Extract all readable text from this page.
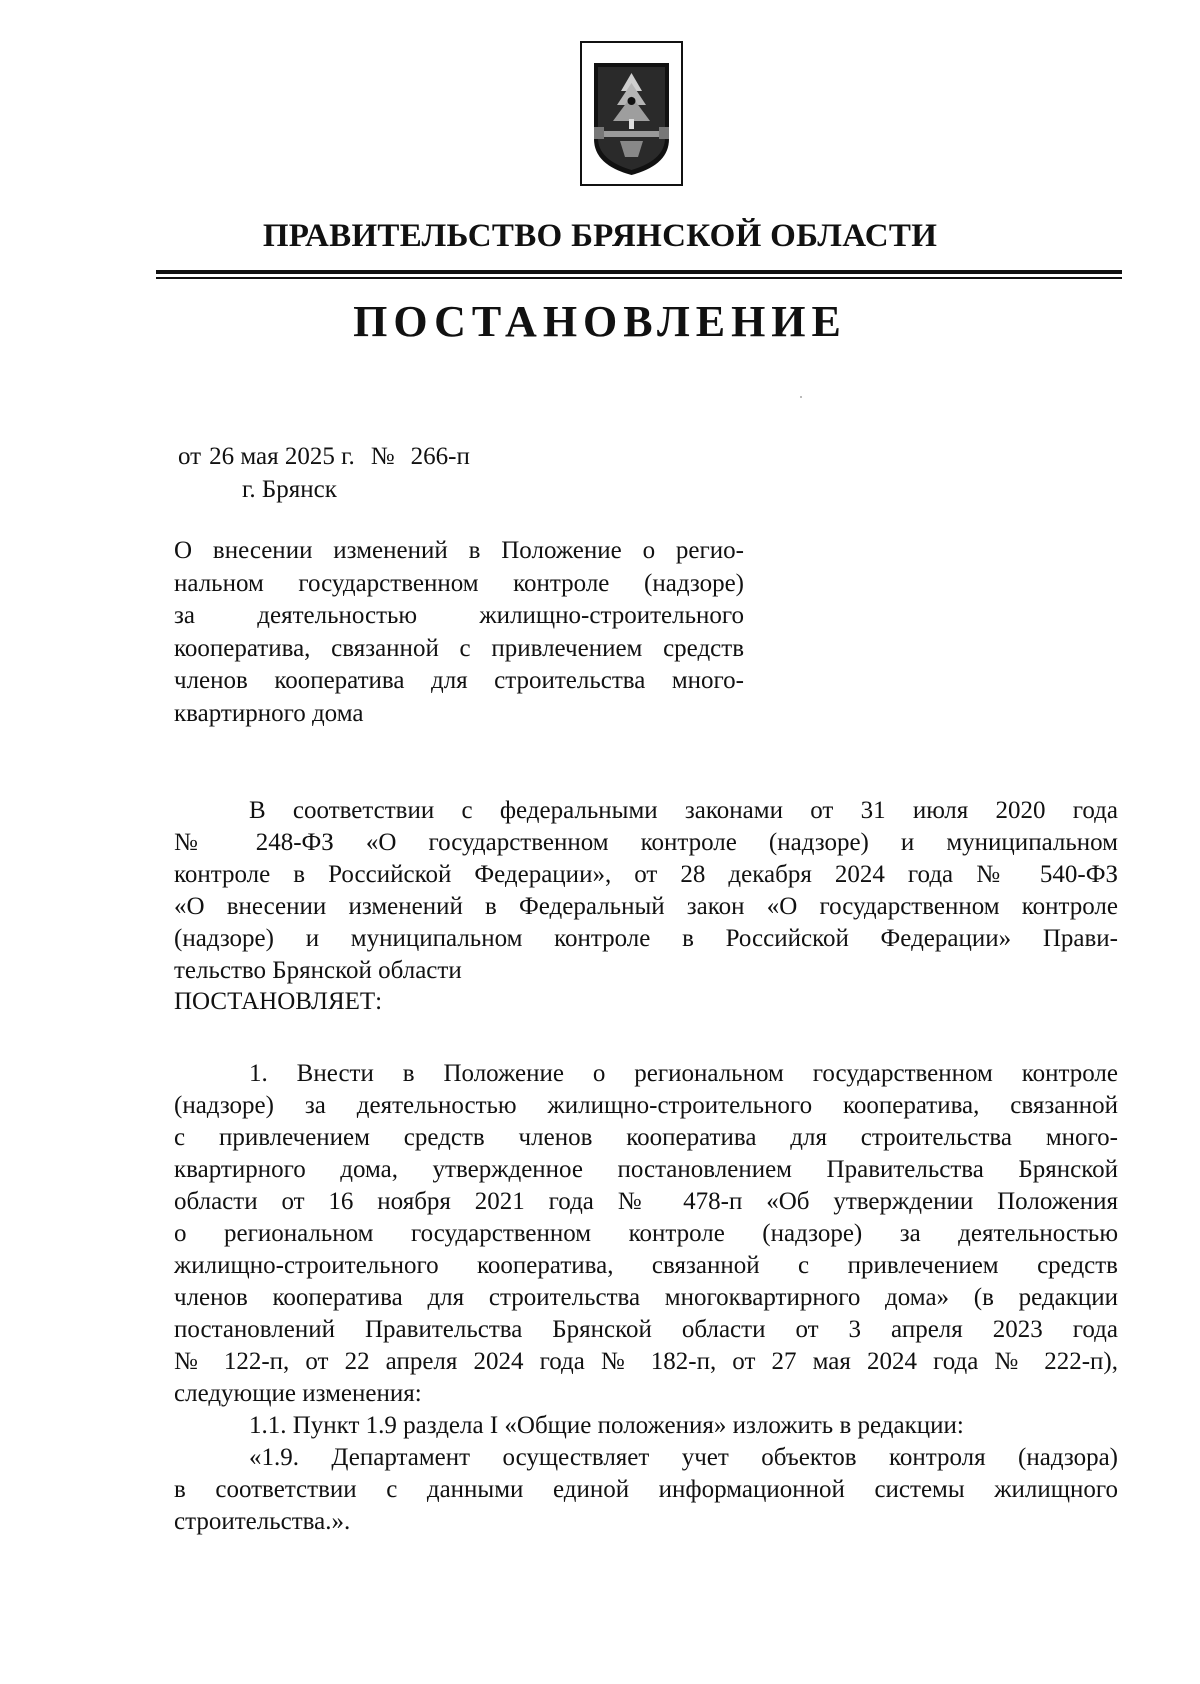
ПРАВИТЕЛЬСТВО БРЯНСКОЙ ОБЛАСТИ
ПОСТАНОВЛЕНИЕ
от 26 мая 2025 г. № 266-п
г. Брянск
О внесении изменений в Положение о регио-
нальном государственном контроле (надзоре)
за деятельностью жилищно-строительного
кооператива, связанной с привлечением средств
членов кооператива для строительства много-
квартирного дома
В соответствии с федеральными законами от 31 июля 2020 года
№ 248-ФЗ «О государственном контроле (надзоре) и муниципальном
контроле в Российской Федерации», от 28 декабря 2024 года № 540-ФЗ
«О внесении изменений в Федеральный закон «О государственном контроле
(надзоре) и муниципальном контроле в Российской Федерации» Прави-
тельство Брянской области
ПОСТАНОВЛЯЕТ:
1. Внести в Положение о региональном государственном контроле
(надзоре) за деятельностью жилищно-строительного кооператива, связанной
с привлечением средств членов кооператива для строительства много-
квартирного дома, утвержденное постановлением Правительства Брянской
области от 16 ноября 2021 года № 478-п «Об утверждении Положения
о региональном государственном контроле (надзоре) за деятельностью
жилищно-строительного кооператива, связанной с привлечением средств
членов кооператива для строительства многоквартирного дома» (в редакции
постановлений Правительства Брянской области от 3 апреля 2023 года
№ 122-п, от 22 апреля 2024 года № 182-п, от 27 мая 2024 года № 222-п),
следующие изменения:
1.1. Пункт 1.9 раздела I «Общие положения» изложить в редакции:
«1.9. Департамент осуществляет учет объектов контроля (надзора)
в соответствии с данными единой информационной системы жилищного
строительства.».
